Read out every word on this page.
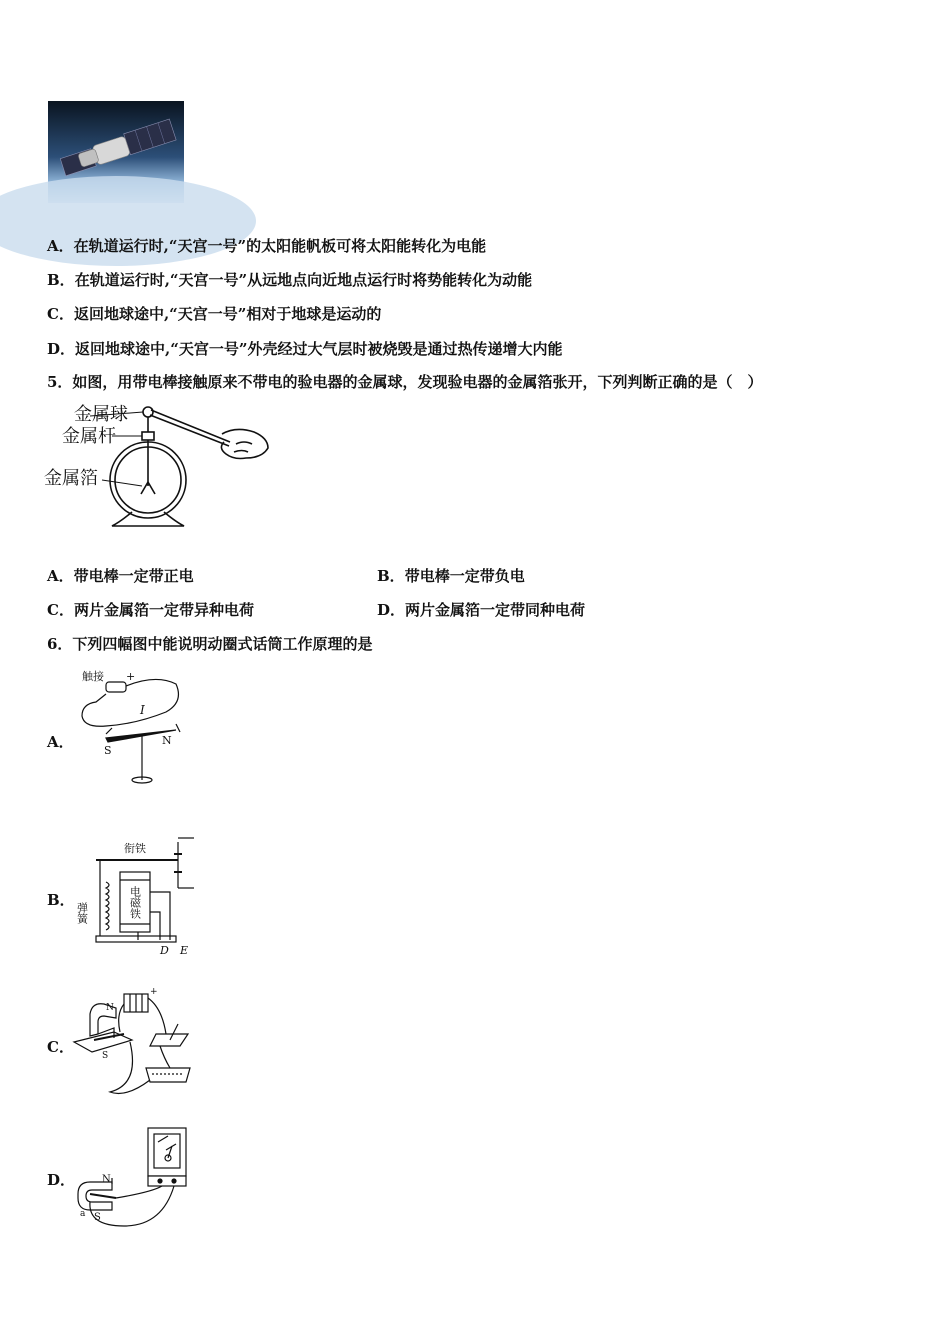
A．在轨道运行时,“天宫一号”的太阳能帆板可将太阳能转化为电能
B．在轨道运行时,“天宫一号”从远地点向近地点运行时将势能转化为动能
C．返回地球途中,“天宫一号”相对于地球是运动的
D．返回地球途中,“天宫一号”外壳经过大气层时被烧毁是通过热传递增大内能
5．如图，用带电棒接触原来不带电的验电器的金属球，发现验电器的金属箔张开，下列判断正确的是（　）
金属球
金属杆
金属箔
A．带电棒一定带正电	B．带电棒一定带负电
C．两片金属箔一定带异种电荷	D．两片金属箔一定带同种电荷
6．下列四幅图中能说明动圈式话筒工作原理的是
A．
触接 +
I
S
N
B．
衔铁
弹簧	电磁铁
D E
C．
N
S
+
D．	N
S
a
